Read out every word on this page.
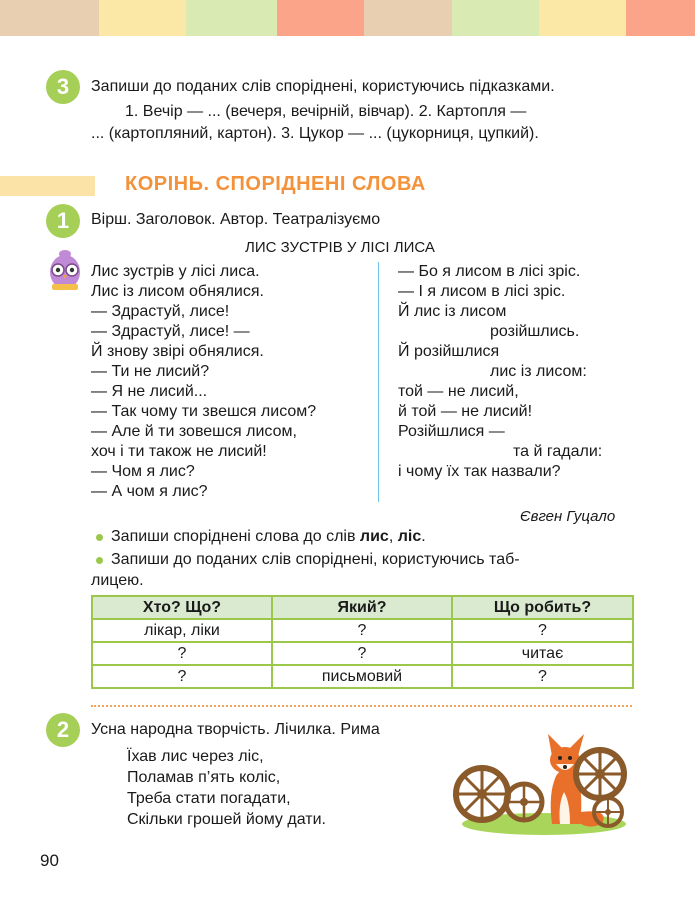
3	Запиши до поданих слів споріднені, користуючись підказками.
1. Вечір — ... (вечеря, вечірній, вівчар). 2. Картопля —
... (картопляний, картон). 3. Цукор — ... (цукорниця, цупкий).
КОРІНЬ. СПОРІДНЕНІ СЛОВА
1	Вірш. Заголовок. Автор. Театралізуємо
ЛИС ЗУСТРІВ У ЛІСІ ЛИСА
Лис зустрів у лісі лиса.
Лис із лисом обнялися.
— Здрастуй, лисе!
— Здрастуй, лисе! —
Й знову звірі обнялися.
— Ти не лисий?
— Я не лисий...
— Так чому ти звешся лисом?
— Але й ти зовешся лисом,
хоч і ти також не лисий!
— Чом я лис?
— А чом я лис?
— Бо я лисом в лісі зріс.
— І я лисом в лісі зріс.
Й лис із лисом
розійшлись.
Й розійшлися
лис із лисом:
той — не лисий,
й той — не лисий!
Розійшлися —
та й гадали:
і чому їх так назвали?
Євген Гуцало
Запиши споріднені слова до слів лис, ліс.
Запиши до поданих слів споріднені, користуючись таб-
лицею.
Хто? Що?	Який?	Що робить?
лікар, ліки	?	?
?	?	читає
?	письмовий	?
2	Усна народна творчість. Лічилка. Рима
Їхав лис через ліс,
Поламав п’ять коліс,
Треба стати погадати,
Скільки грошей йому дати.
90
